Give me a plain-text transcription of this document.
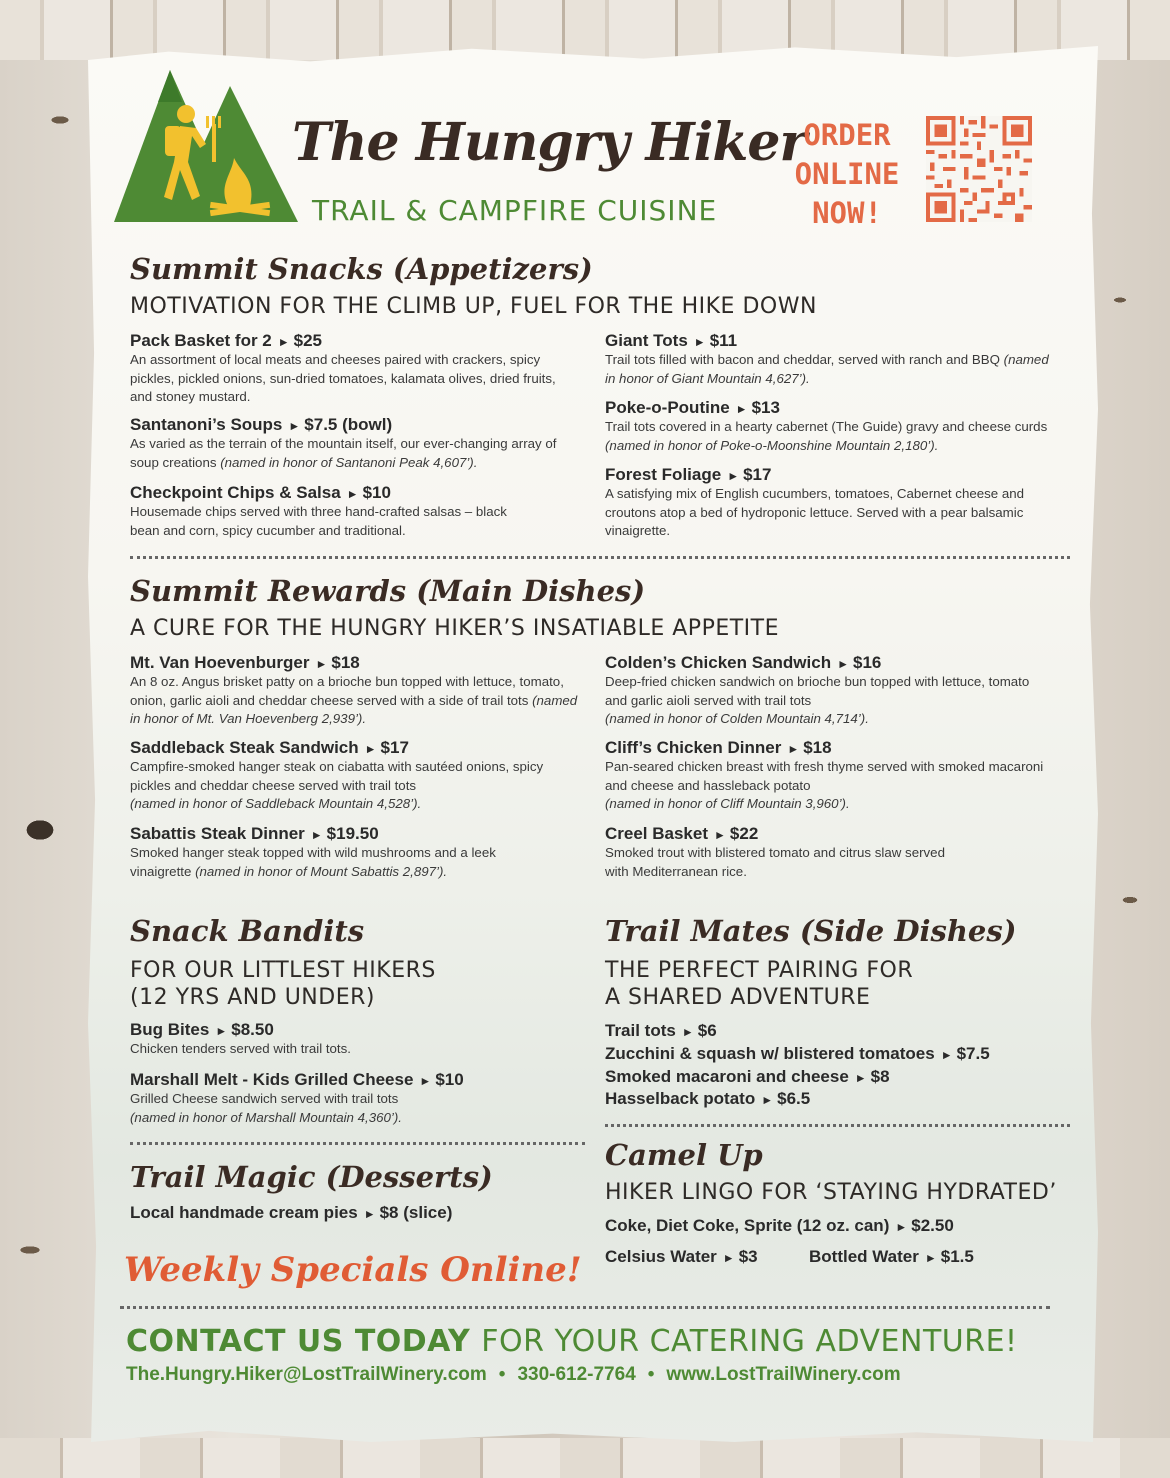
The Hungry Hiker
TRAIL & CAMPFIRE CUISINE
ORDER
ONLINE
NOW!
Summit Snacks (Appetizers)
MOTIVATION FOR THE CLIMB UP, FUEL FOR THE HIKE DOWN
Pack Basket for 2 ► $25
An assortment of local meats and cheeses paired with crackers, spicy pickles, pickled onions, sun-dried tomatoes, kalamata olives, dried fruits, and stoney mustard.
Santanoni’s Soups ► $7.5 (bowl)
As varied as the terrain of the mountain itself, our ever-changing array of soup creations (named in honor of Santanoni Peak 4,607’).
Checkpoint Chips & Salsa ► $10
Housemade chips served with three hand-crafted salsas – black bean and corn, spicy cucumber and traditional.
Giant Tots ► $11
Trail tots filled with bacon and cheddar, served with ranch and BBQ (named in honor of Giant Mountain 4,627’).
Poke-o-Poutine ► $13
Trail tots covered in a hearty cabernet (The Guide) gravy and cheese curds (named in honor of Poke-o-Moonshine Mountain 2,180’).
Forest Foliage ► $17
A satisfying mix of English cucumbers, tomatoes, Cabernet cheese and croutons atop a bed of hydroponic lettuce. Served with a pear balsamic vinaigrette.
Summit Rewards (Main Dishes)
A CURE FOR THE HUNGRY HIKER’S INSATIABLE APPETITE
Mt. Van Hoevenburger ► $18
An 8 oz. Angus brisket patty on a brioche bun topped with lettuce, tomato, onion, garlic aioli and cheddar cheese served with a side of trail tots (named in honor of Mt. Van Hoevenberg 2,939’).
Saddleback Steak Sandwich ► $17
Campfire-smoked hanger steak on ciabatta with sautéed onions, spicy pickles and cheddar cheese served with trail tots
(named in honor of Saddleback Mountain 4,528’).
Sabattis Steak Dinner ► $19.50
Smoked hanger steak topped with wild mushrooms and a leek vinaigrette (named in honor of Mount Sabattis 2,897’).
Colden’s Chicken Sandwich ► $16
Deep-fried chicken sandwich on brioche bun topped with lettuce, tomato and garlic aioli served with trail tots
(named in honor of Colden Mountain 4,714’).
Cliff’s Chicken Dinner ► $18
Pan-seared chicken breast with fresh thyme served with smoked macaroni and cheese and hassleback potato
(named in honor of Cliff Mountain 3,960’).
Creel Basket ► $22
Smoked trout with blistered tomato and citrus slaw served with Mediterranean rice.
Snack Bandits
FOR OUR LITTLEST HIKERS
(12 YRS AND UNDER)
Bug Bites ► $8.50
Chicken tenders served with trail tots.
Marshall Melt - Kids Grilled Cheese ► $10
Grilled Cheese sandwich served with trail tots
(named in honor of Marshall Mountain 4,360’).
Trail Magic (Desserts)
Local handmade cream pies ► $8 (slice)
Trail Mates (Side Dishes)
THE PERFECT PAIRING FOR
A SHARED ADVENTURE
Trail tots ► $6
Zucchini & squash w/ blistered tomatoes ► $7.5
Smoked macaroni and cheese ► $8
Hasselback potato ► $6.5
Camel Up
HIKER LINGO FOR ‘STAYING HYDRATED’
Coke, Diet Coke, Sprite (12 oz. can) ► $2.50
Celsius Water ► $3	Bottled Water ► $1.5
Weekly Specials Online!
CONTACT US TODAY FOR YOUR CATERING ADVENTURE!
The.Hungry.Hiker@LostTrailWinery.com • 330-612-7764 • www.LostTrailWinery.com
